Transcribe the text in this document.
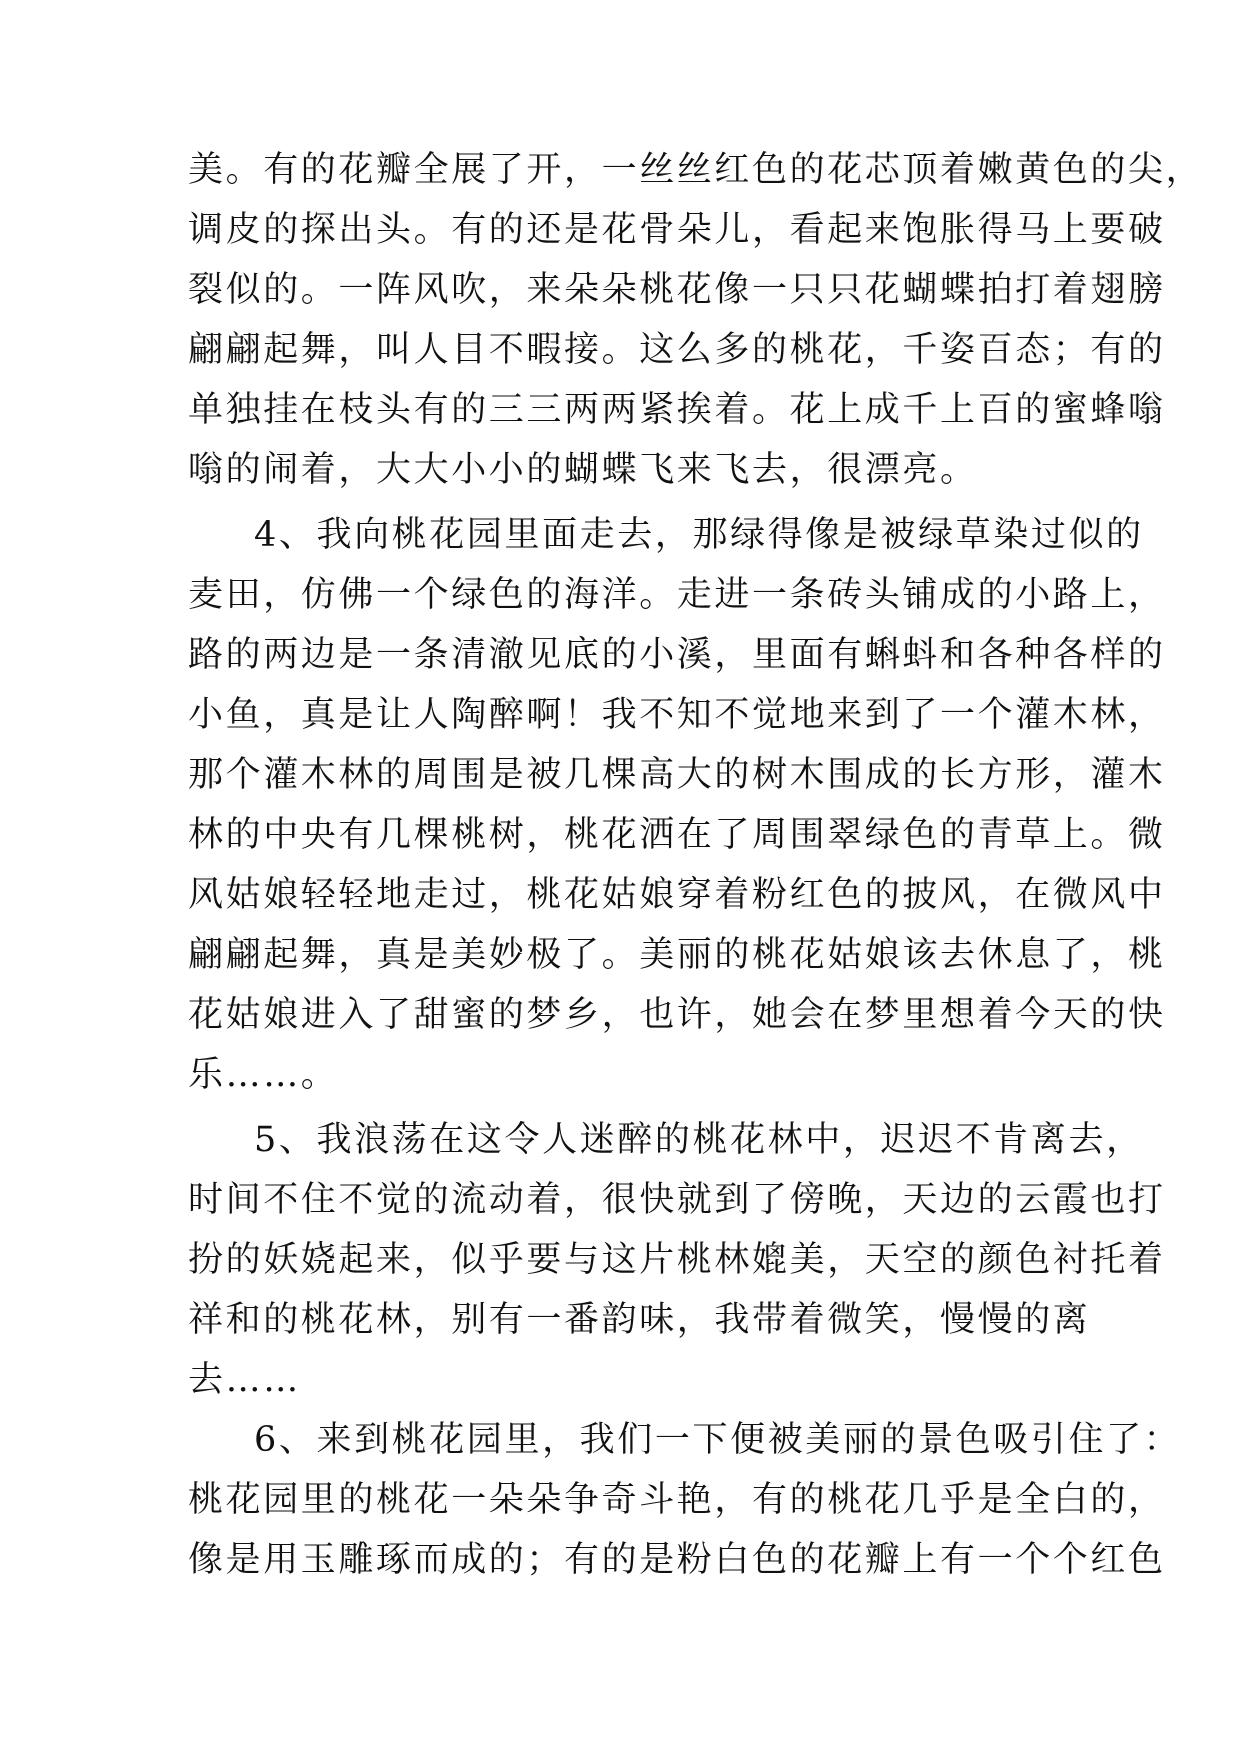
美。有的花瓣全展了开，一丝丝红色的花芯顶着嫩黄色的尖，
调皮的探出头。有的还是花骨朵儿，看起来饱胀得马上要破
裂似的。一阵风吹，来朵朵桃花像一只只花蝴蝶拍打着翅膀
翩翩起舞，叫人目不暇接。这么多的桃花，千姿百态；有的
单独挂在枝头有的三三两两紧挨着。花上成千上百的蜜蜂嗡
嗡的闹着，大大小小的蝴蝶飞来飞去，很漂亮。
4、我向桃花园里面走去，那绿得像是被绿草染过似的
麦田，仿佛一个绿色的海洋。走进一条砖头铺成的小路上，
路的两边是一条清澈见底的小溪，里面有蝌蚪和各种各样的
小鱼，真是让人陶醉啊！我不知不觉地来到了一个灌木林，
那个灌木林的周围是被几棵高大的树木围成的长方形，灌木
林的中央有几棵桃树，桃花洒在了周围翠绿色的青草上。微
风姑娘轻轻地走过，桃花姑娘穿着粉红色的披风，在微风中
翩翩起舞，真是美妙极了。美丽的桃花姑娘该去休息了，桃
花姑娘进入了甜蜜的梦乡，也许，她会在梦里想着今天的快
乐……。
5、我浪荡在这令人迷醉的桃花林中，迟迟不肯离去，
时间不住不觉的流动着，很快就到了傍晚，天边的云霞也打
扮的妖娆起来，似乎要与这片桃林媲美，天空的颜色衬托着
祥和的桃花林，别有一番韵味，我带着微笑，慢慢的离
去……
6、来到桃花园里，我们一下便被美丽的景色吸引住了：
桃花园里的桃花一朵朵争奇斗艳，有的桃花几乎是全白的，
像是用玉雕琢而成的；有的是粉白色的花瓣上有一个个红色
